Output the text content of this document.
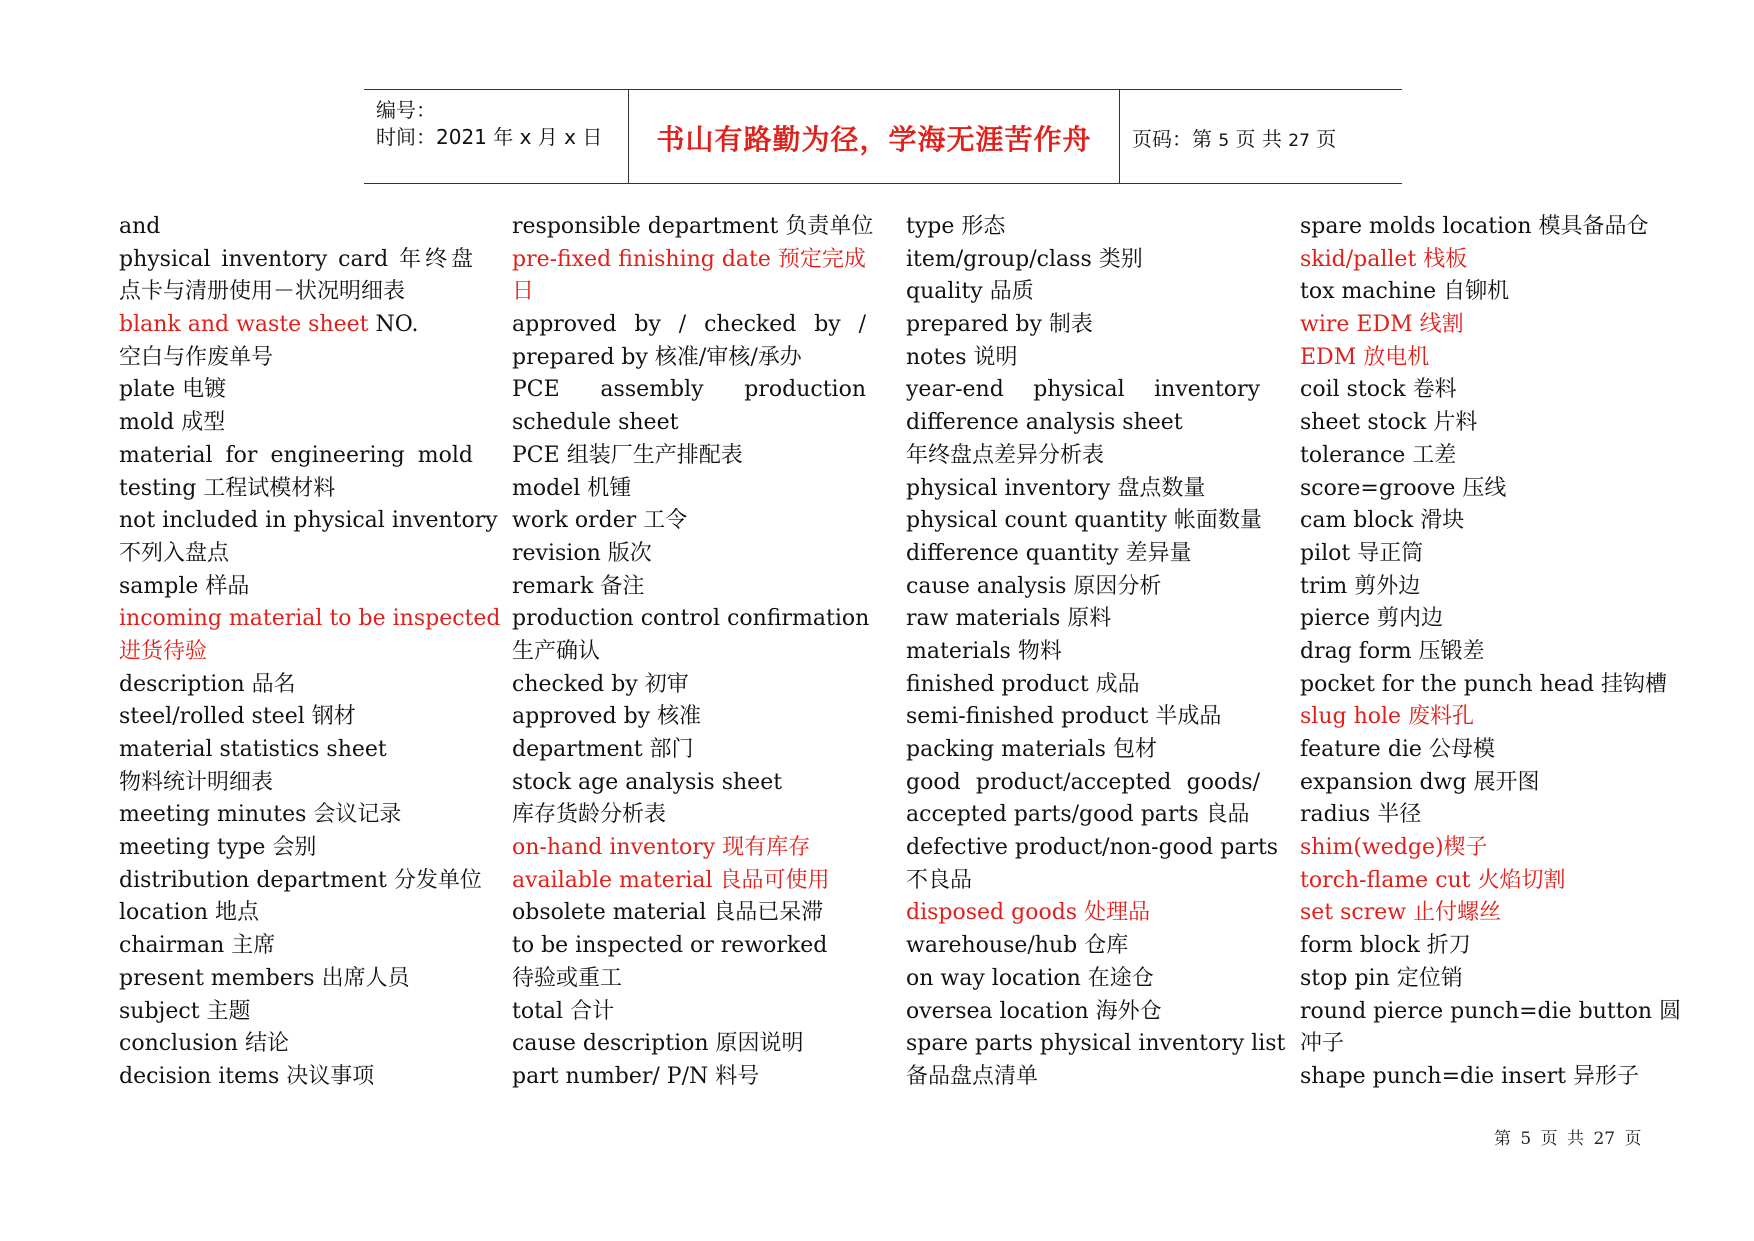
编号：
时间：2021 年 x 月 x 日	书山有路勤为径，学海无涯苦作舟	页码：第 5 页 共 27 页
and
physical inventory card 年终盘
点卡与清册使用－状况明细表
blank and waste sheet NO.
空白与作废单号
plate 电镀
mold 成型
material for engineering mold
testing 工程试模材料
not included in physical inventory
不列入盘点
sample 样品
incoming material to be inspected
进货待验
description 品名
steel/rolled steel 钢材
material statistics sheet
物料统计明细表
meeting minutes 会议记录
meeting type 会别
distribution department 分发单位
location 地点
chairman 主席
present members 出席人员
subject 主题
conclusion 结论
decision items 决议事项
responsible department 负责单位
pre-fixed finishing date 预定完成
日
approved by / checked by /
prepared by 核准/审核/承办
PCE assembly production
schedule sheet
PCE 组装厂生产排配表
model 机锺
work order 工令
revision 版次
remark 备注
production control confirmation
生产确认
checked by 初审
approved by 核准
department 部门
stock age analysis sheet
库存货龄分析表
on-hand inventory 现有库存
available material 良品可使用
obsolete material 良品已呆滞
to be inspected or reworked
待验或重工
total 合计
cause description 原因说明
part number/ P/N 料号
type 形态
item/group/class 类别
quality 品质
prepared by 制表
notes 说明
year-end physical inventory
difference analysis sheet
年终盘点差异分析表
physical inventory 盘点数量
physical count quantity 帐面数量
difference quantity 差异量
cause analysis 原因分析
raw materials 原料
materials 物料
finished product 成品
semi-finished product 半成品
packing materials 包材
good product/accepted goods/
accepted parts/good parts 良品
defective product/non-good parts
不良品
disposed goods 处理品
warehouse/hub 仓库
on way location 在途仓
oversea location 海外仓
spare parts physical inventory list
备品盘点清单
spare molds location 模具备品仓
skid/pallet 栈板
tox machine 自铆机
wire EDM 线割
EDM 放电机
coil stock 卷料
sheet stock 片料
tolerance 工差
score=groove 压线
cam block 滑块
pilot 导正筒
trim 剪外边
pierce 剪内边
drag form 压锻差
pocket for the punch head 挂钩槽
slug hole 废料孔
feature die 公母模
expansion dwg 展开图
radius 半径
shim(wedge)楔子
torch-flame cut 火焰切割
set screw 止付螺丝
form block 折刀
stop pin 定位销
round pierce punch=die button 圆
冲子
shape punch=die insert 异形子
第 5 页 共 27 页
